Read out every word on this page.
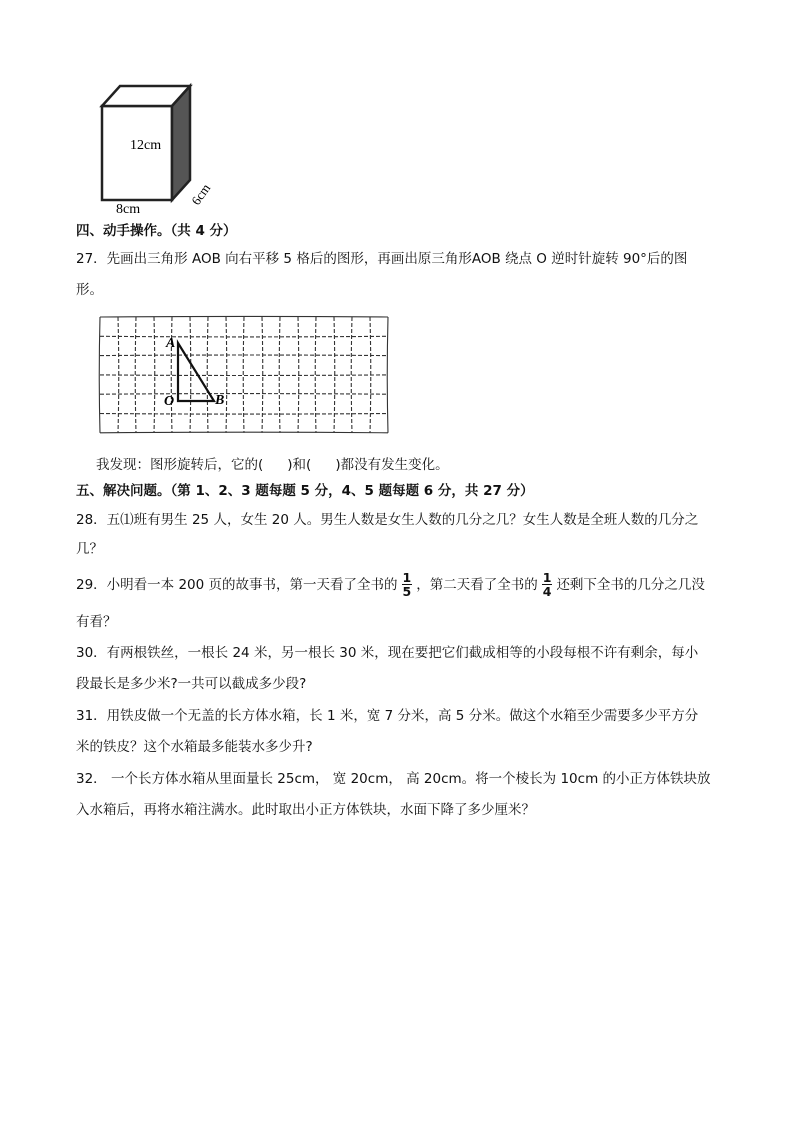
12cm
8cm
6cm
四、动手操作。（共 4 分）
27．先画出三角形 AOB 向右平移 5 格后的图形，再画出原三角形AOB 绕点 O 逆时针旋转 90°后的图
形。
A
O	B
我发现：图形旋转后，它的( )和( )都没有发生变化。
五、解决问题。（第 1、2、3 题每题 5 分，4、5 题每题 6 分，共 27 分）
28．五⑴班有男生 25 人，女生 20 人。男生人数是女生人数的几分之几？女生人数是全班人数的几分之
几？
29．小明看一本 200 页的故事书，第一天看了全书的 $\frac{1}{5}$ ，第二天看了全书的 $\frac{1}{4}$ 还剩下全书的几分之几没
有看？
30．有两根铁丝，一根长 24 米，另一根长 30 米，现在要把它们截成相等的小段每根不许有剩余，每小
段最长是多少米?一共可以截成多少段?
31．用铁皮做一个无盖的长方体水箱，长 1 米，宽 7 分米，高 5 分米。做这个水箱至少需要多少平方分
米的铁皮？这个水箱最多能装水多少升?
32． 一个长方体水箱从里面量长 25cm， 宽 20cm， 高 20cm。将一个棱长为 10cm 的小正方体铁块放
入水箱后，再将水箱注满水。此时取出小正方体铁块，水面下降了多少厘米？
